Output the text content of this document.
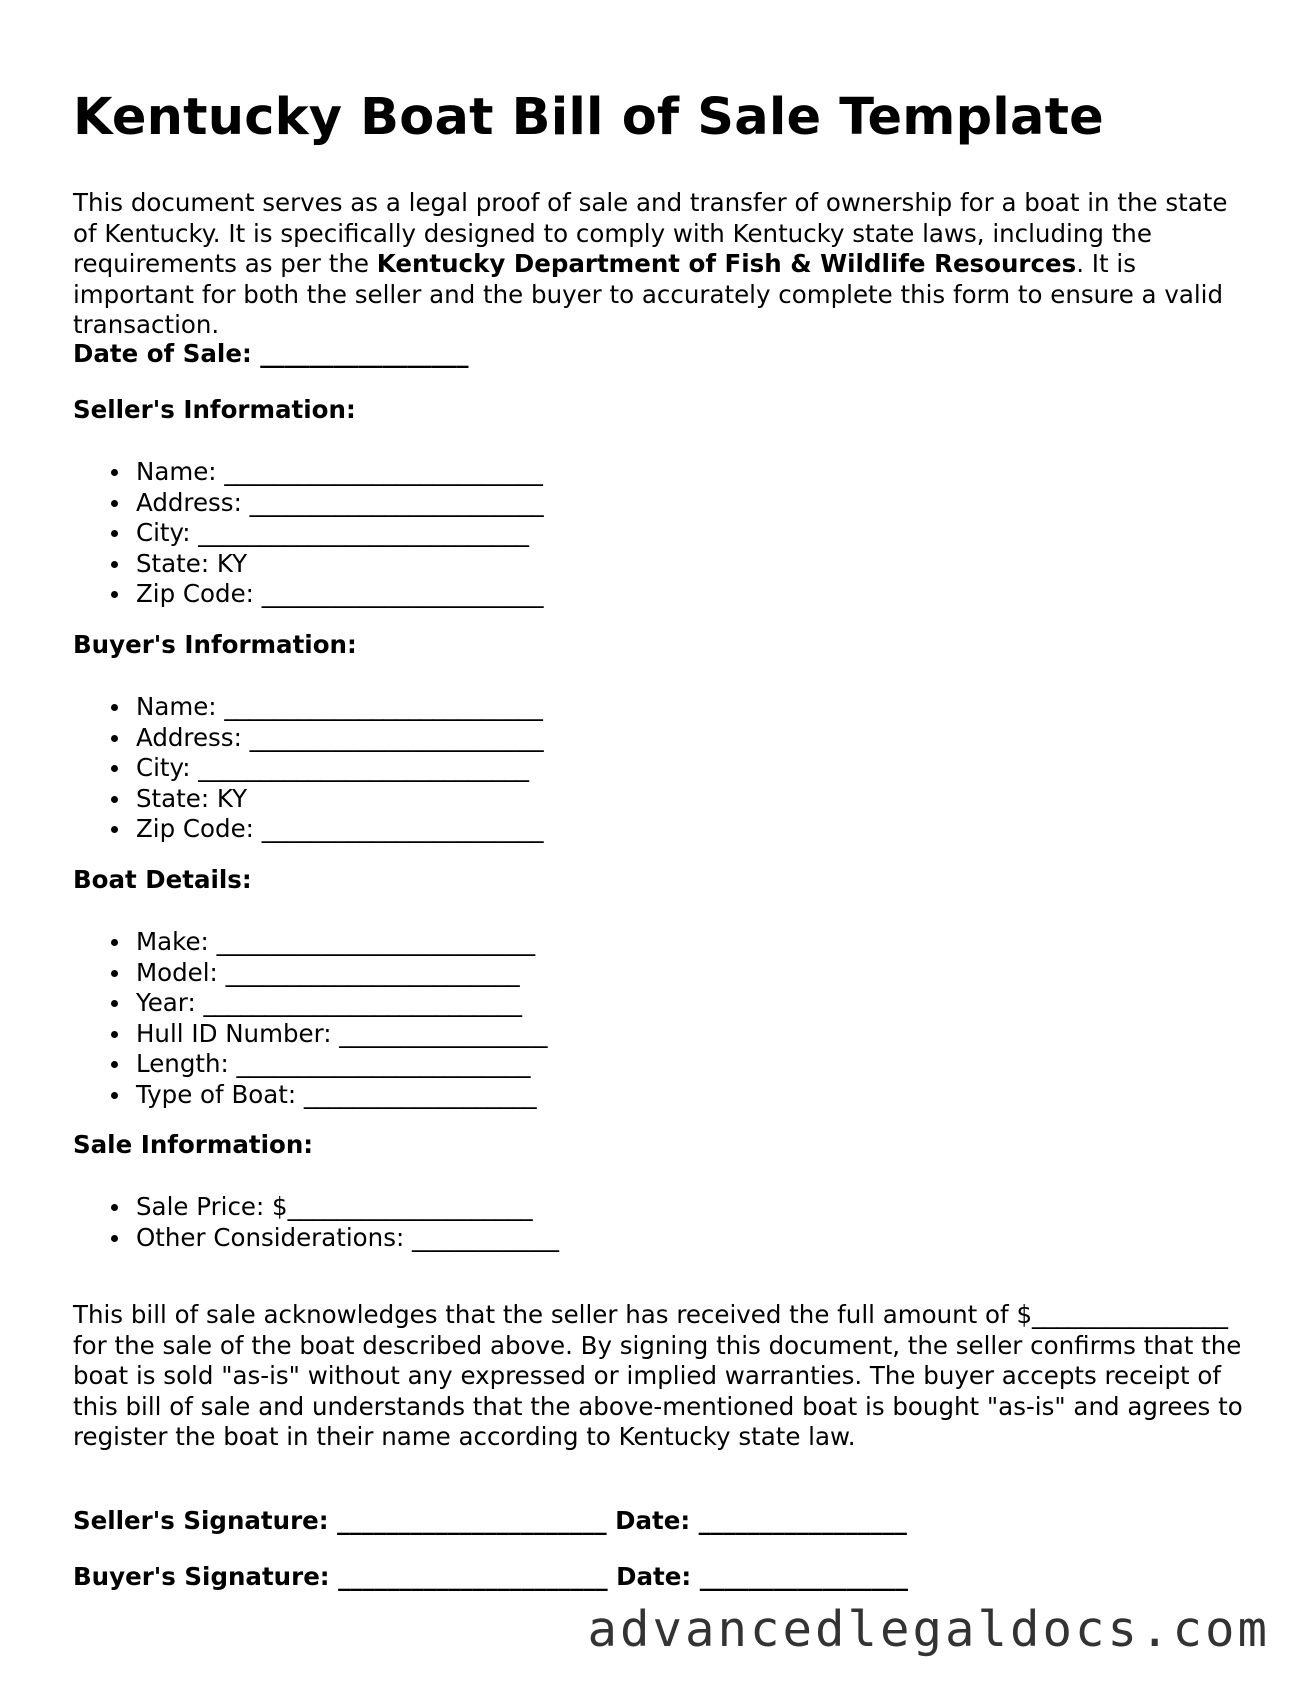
Kentucky Boat Bill of Sale Template

This document serves as a legal proof of sale and transfer of ownership for a boat in the state of Kentucky. It is specifically designed to comply with Kentucky state laws, including the requirements as per the Kentucky Department of Fish & Wildlife Resources. It is important for both the seller and the buyer to accurately complete this form to ensure a valid transaction.

Date of Sale: _________________
Seller's Information:
Name: __________________________
Address: ________________________
City: ___________________________
State: KY
Zip Code: _______________________
Buyer's Information:
Name: __________________________
Address: ________________________
City: ___________________________
State: KY
Zip Code: _______________________
Boat Details:
Make: __________________________
Model: ________________________
Year: __________________________
Hull ID Number: _________________
Length: ________________________
Type of Boat: ___________________
Sale Information:
Sale Price: $____________________
Other Considerations: ____________

This bill of sale acknowledges that the seller has received the full amount of $________________ for the sale of the boat described above. By signing this document, the seller confirms that the boat is sold "as-is" without any expressed or implied warranties. The buyer accepts receipt of this bill of sale and understands that the above-mentioned boat is bought "as-is" and agrees to register the boat in their name according to Kentucky state law.

Seller's Signature: ______________________ Date: _________________
Buyer's Signature: ______________________ Date: _________________
advancedlegaldocs.com
